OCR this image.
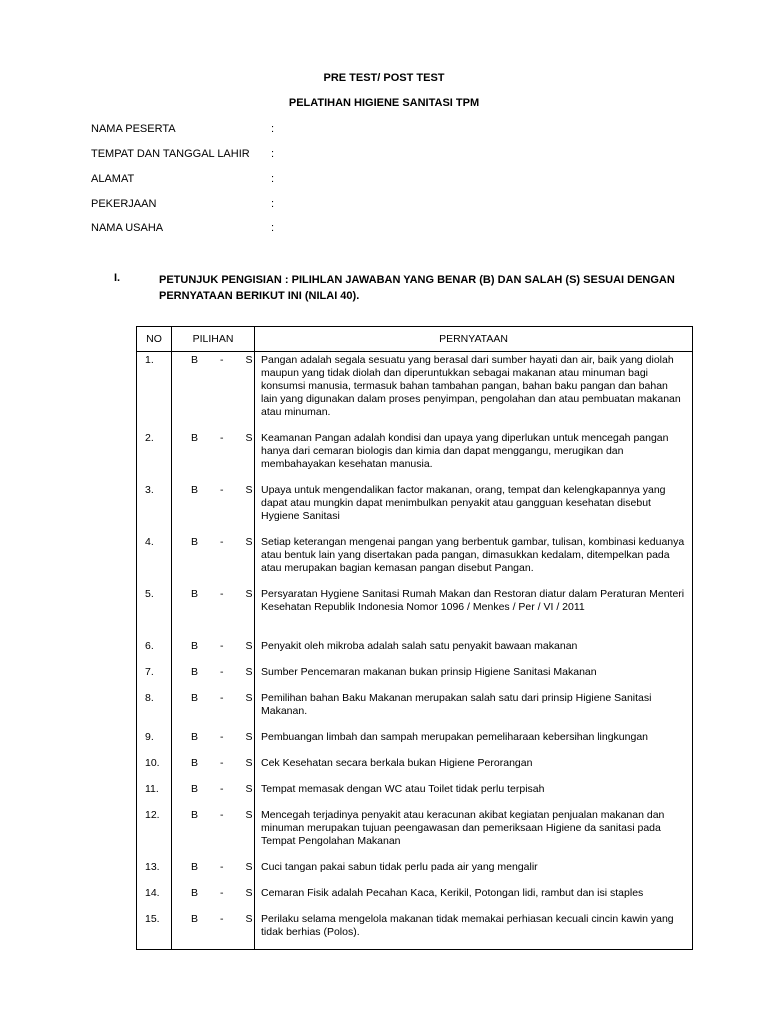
PRE TEST/ POST TEST
PELATIHAN HIGIENE SANITASI TPM
NAMA PESERTA	:
TEMPAT DAN TANGGAL LAHIR :
ALAMAT	:
PEKERJAAN	:
NAMA USAHA	:
I.	PETUNJUK PENGISIAN : PILIHLAN JAWABAN YANG BENAR (B) DAN SALAH (S) SESUAI DENGAN PERNYATAAN BERIKUT INI (NILAI 40).
NO	PILIHAN	PERNYATAAN
1.	B - S	Pangan adalah segala sesuatu yang berasal dari sumber hayati dan air, baik yang diolah maupun yang tidak diolah dan diperuntukkan sebagai makanan atau minuman bagi konsumsi manusia, termasuk bahan tambahan pangan, bahan baku pangan dan bahan lain yang digunakan dalam proses penyimpan, pengolahan dan atau pembuatan makanan atau minuman.
2.	B - S	Keamanan Pangan adalah kondisi dan upaya yang diperlukan untuk mencegah pangan hanya dari cemaran biologis dan kimia dan dapat menggangu, merugikan dan membahayakan kesehatan manusia.
3.	B - S	Upaya untuk mengendalikan factor makanan, orang, tempat dan kelengkapannya yang dapat atau mungkin dapat menimbulkan penyakit atau gangguan kesehatan disebut Hygiene Sanitasi
4.	B - S	Setiap keterangan mengenai pangan yang berbentuk gambar, tulisan, kombinasi keduanya atau bentuk lain yang disertakan pada pangan, dimasukkan kedalam, ditempelkan pada atau merupakan bagian kemasan pangan disebut Pangan.
5.	B - S	Persyaratan Hygiene Sanitasi Rumah Makan dan Restoran diatur dalam Peraturan Menteri Kesehatan Republik Indonesia Nomor 1096 / Menkes / Per / VI / 2011
6.	B - S	Penyakit oleh mikroba adalah salah satu penyakit bawaan makanan
7.	B - S	Sumber Pencemaran makanan bukan prinsip Higiene Sanitasi Makanan
8.	B - S	Pemilihan bahan Baku Makanan merupakan salah satu dari prinsip Higiene Sanitasi Makanan.
9.	B - S	Pembuangan limbah dan sampah merupakan pemeliharaan kebersihan lingkungan
10.	B - S	Cek Kesehatan secara berkala bukan Higiene Perorangan
11.	B - S	Tempat memasak dengan WC atau Toilet tidak perlu terpisah
12.	B - S	Mencegah terjadinya penyakit atau keracunan akibat kegiatan penjualan makanan dan minuman merupakan tujuan peengawasan dan pemeriksaan Higiene da sanitasi pada Tempat Pengolahan Makanan
13.	B - S	Cuci tangan pakai sabun tidak perlu pada air yang mengalir
14.	B - S	Cemaran Fisik adalah Pecahan Kaca, Kerikil, Potongan lidi, rambut dan isi staples
15.	B - S	Perilaku selama mengelola makanan tidak memakai perhiasan kecuali cincin kawin yang tidak berhias (Polos).
